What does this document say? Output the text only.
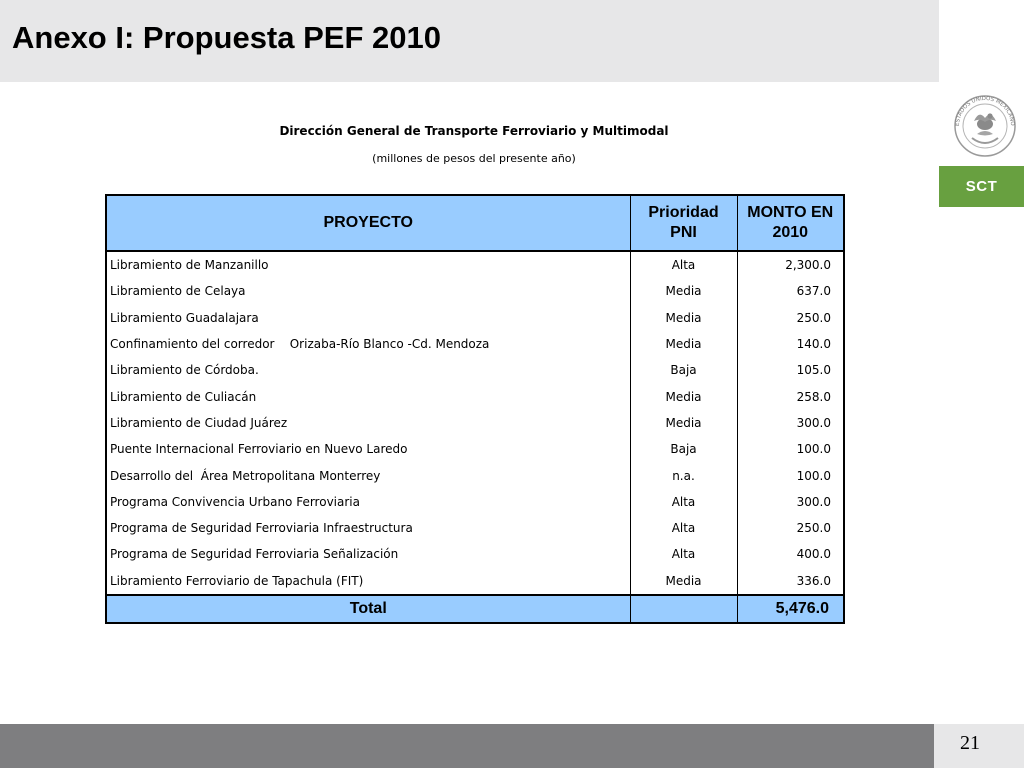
Anexo I: Propuesta PEF 2010
ESTADOS UNIDOS MEXICANO
SCT
Dirección General de Transporte Ferroviario y Multimodal
(millones de pesos del presente año)
PROYECTO	Prioridad PNI	MONTO EN 2010
Libramiento de Manzanillo	Alta	2,300.0
Libramiento de Celaya	Media	637.0
Libramiento Guadalajara	Media	250.0
Confinamiento del corredor    Orizaba-Río Blanco -Cd. Mendoza	Media	140.0
Libramiento de Córdoba.	Baja	105.0
Libramiento de Culiacán	Media	258.0
Libramiento de Ciudad Juárez	Media	300.0
Puente Internacional Ferroviario en Nuevo Laredo	Baja	100.0
Desarrollo del  Área Metropolitana Monterrey	n.a.	100.0
Programa Convivencia Urbano Ferroviaria	Alta	300.0
Programa de Seguridad Ferroviaria Infraestructura	Alta	250.0
Programa de Seguridad Ferroviaria Señalización	Alta	400.0
Libramiento Ferroviario de Tapachula (FIT)	Media	336.0
Total		5,476.0
21
